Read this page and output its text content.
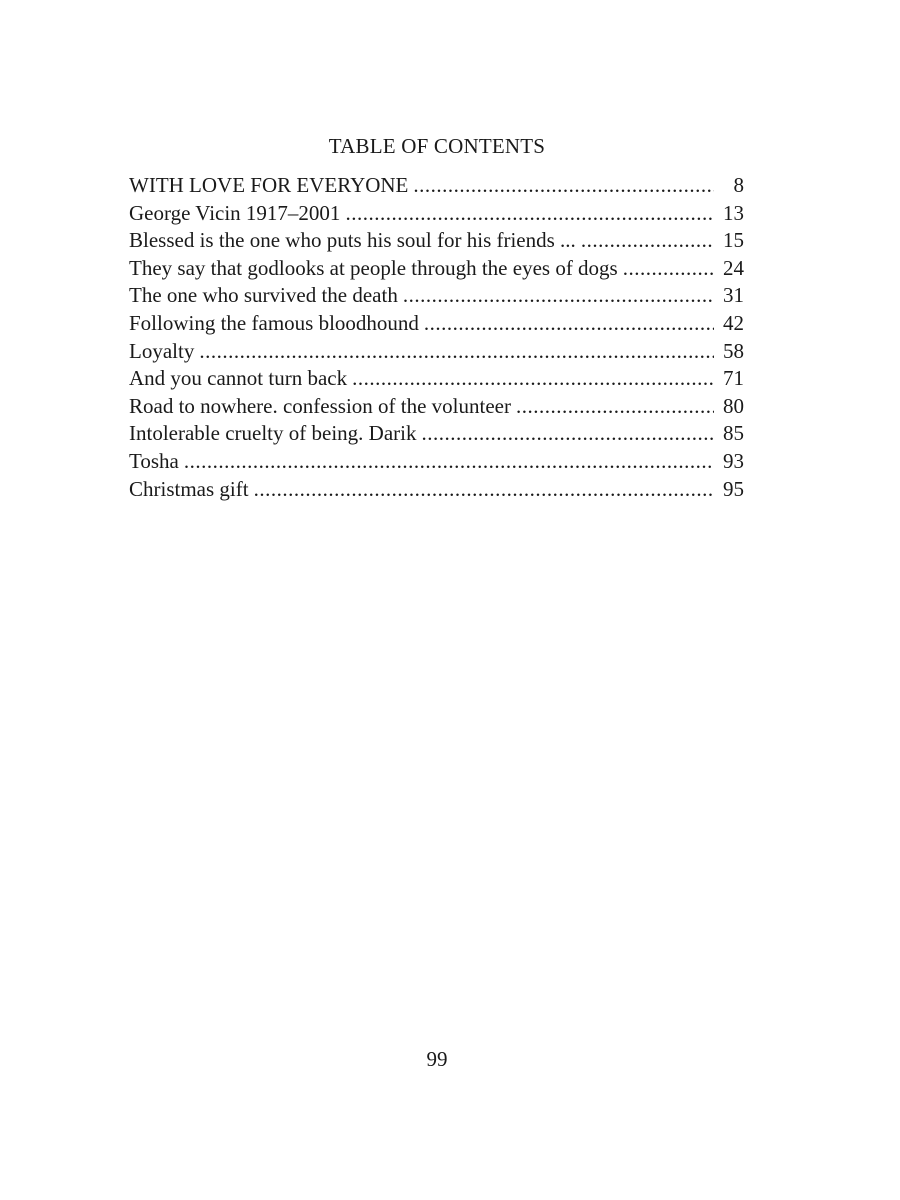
TABLE OF CONTENTS
WITH LOVE FOR EVERYONE .....	8
George Vicin 1917–2001 .....	13
Blessed is the one who puts his soul for his friends ... .....	15
They say that godlooks at people through the eyes of dogs .....	24
The one who survived the death .....	31
Following the famous bloodhound .....	42
Loyalty .....	58
And you cannot turn back .....	71
Road to nowhere. confession of the volunteer .....	80
Intolerable cruelty of being. Darik .....	85
Tosha .....	93
Christmas gift .....	95
99
